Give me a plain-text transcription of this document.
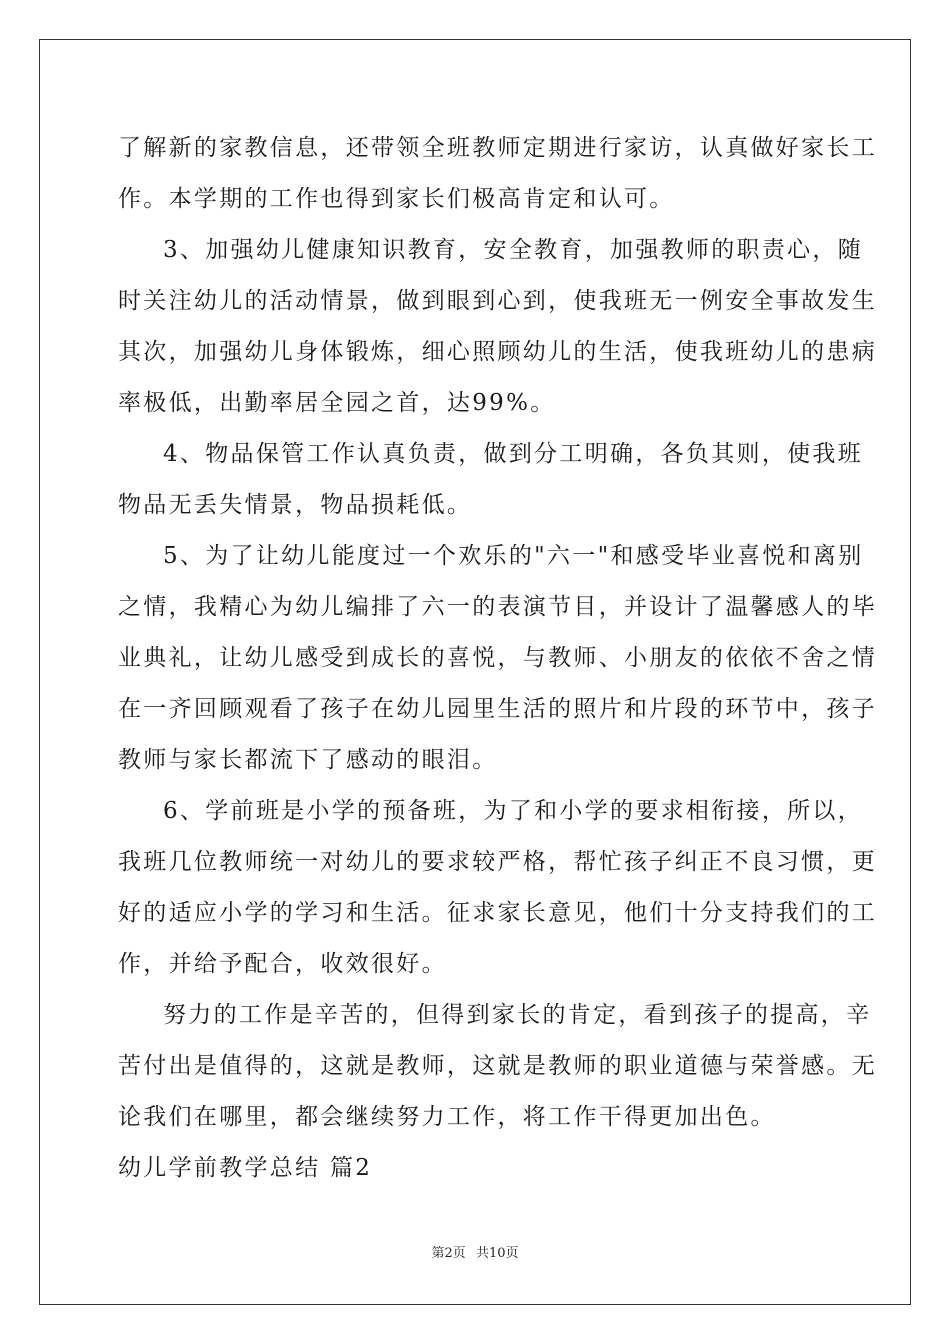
了解新的家教信息，还带领全班教师定期进行家访，认真做好家长工
作。本学期的工作也得到家长们极高肯定和认可。
3、加强幼儿健康知识教育，安全教育，加强教师的职责心，随
时关注幼儿的活动情景，做到眼到心到，使我班无一例安全事故发生
其次，加强幼儿身体锻炼，细心照顾幼儿的生活，使我班幼儿的患病
率极低，出勤率居全园之首，达99%。
4、物品保管工作认真负责，做到分工明确，各负其则，使我班
物品无丢失情景，物品损耗低。
5、为了让幼儿能度过一个欢乐的"六一"和感受毕业喜悦和离别
之情，我精心为幼儿编排了六一的表演节目，并设计了温馨感人的毕
业典礼，让幼儿感受到成长的喜悦，与教师、小朋友的依依不舍之情
在一齐回顾观看了孩子在幼儿园里生活的照片和片段的环节中，孩子
教师与家长都流下了感动的眼泪。
6、学前班是小学的预备班，为了和小学的要求相衔接，所以，
我班几位教师统一对幼儿的要求较严格，帮忙孩子纠正不良习惯，更
好的适应小学的学习和生活。征求家长意见，他们十分支持我们的工
作，并给予配合，收效很好。
努力的工作是辛苦的，但得到家长的肯定，看到孩子的提高，辛
苦付出是值得的，这就是教师，这就是教师的职业道德与荣誉感。无
论我们在哪里，都会继续努力工作，将工作干得更加出色。
幼儿学前教学总结 篇2
第2页 共10页
